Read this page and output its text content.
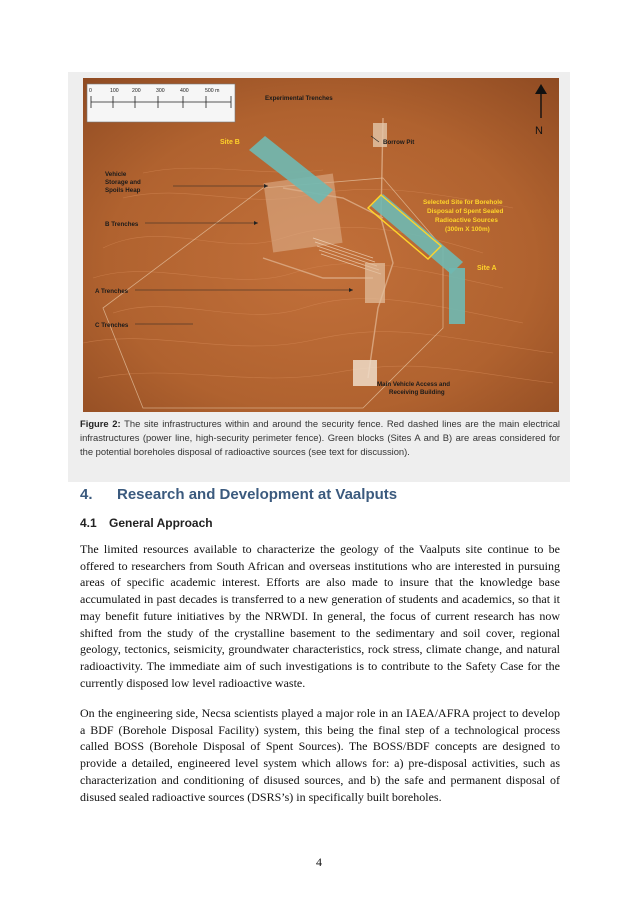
0	100	200	300	400	500 m
N
Experimental Trenches
Site B	Borrow Pit
Vehicle
Storage and
Spoils Heap
B Trenches
Selected Site for Borehole
Disposal of Spent Sealed
Radioactive Sources
(300m X 100m)
Site A
A Trenches
C Trenches
Main Vehicle Access and
Receiving Building
Figure 2: The site infrastructures within and around the security fence. Red dashed lines are the main electrical infrastructures (power line, high-security perimeter fence). Green blocks (Sites A and B) are areas considered for the potential boreholes disposal of radioactive sources (see text for discussion).
4. Research and Development at Vaalputs
4.1 General Approach

The limited resources available to characterize the geology of the Vaalputs site continue to be offered to researchers from South African and overseas institutions who are interested in pursuing areas of specific academic interest. Efforts are also made to insure that the knowledge base accumulated in past decades is transferred to a new generation of students and academics, so that it may benefit future initiatives by the NRWDI. In general, the focus of current research has now shifted from the study of the crystalline basement to the sedimentary and soil cover, regional geology, tectonics, seismicity, groundwater characteristics, rock stress, climate change, and natural radioactivity. The immediate aim of such investigations is to contribute to the Safety Case for the currently disposed low level radioactive waste.

On the engineering side, Necsa scientists played a major role in an IAEA/AFRA project to develop a BDF (Borehole Disposal Facility) system, this being the final step of a technological process called BOSS (Borehole Disposal of Spent Sources). The BOSS/BDF concepts are designed to provide a detailed, engineered level system which allows for: a) pre-disposal activities, such as characterization and conditioning of disused sources, and b) the safe and permanent disposal of disused sealed radioactive sources (DSRS’s) in specifically built boreholes.

4
